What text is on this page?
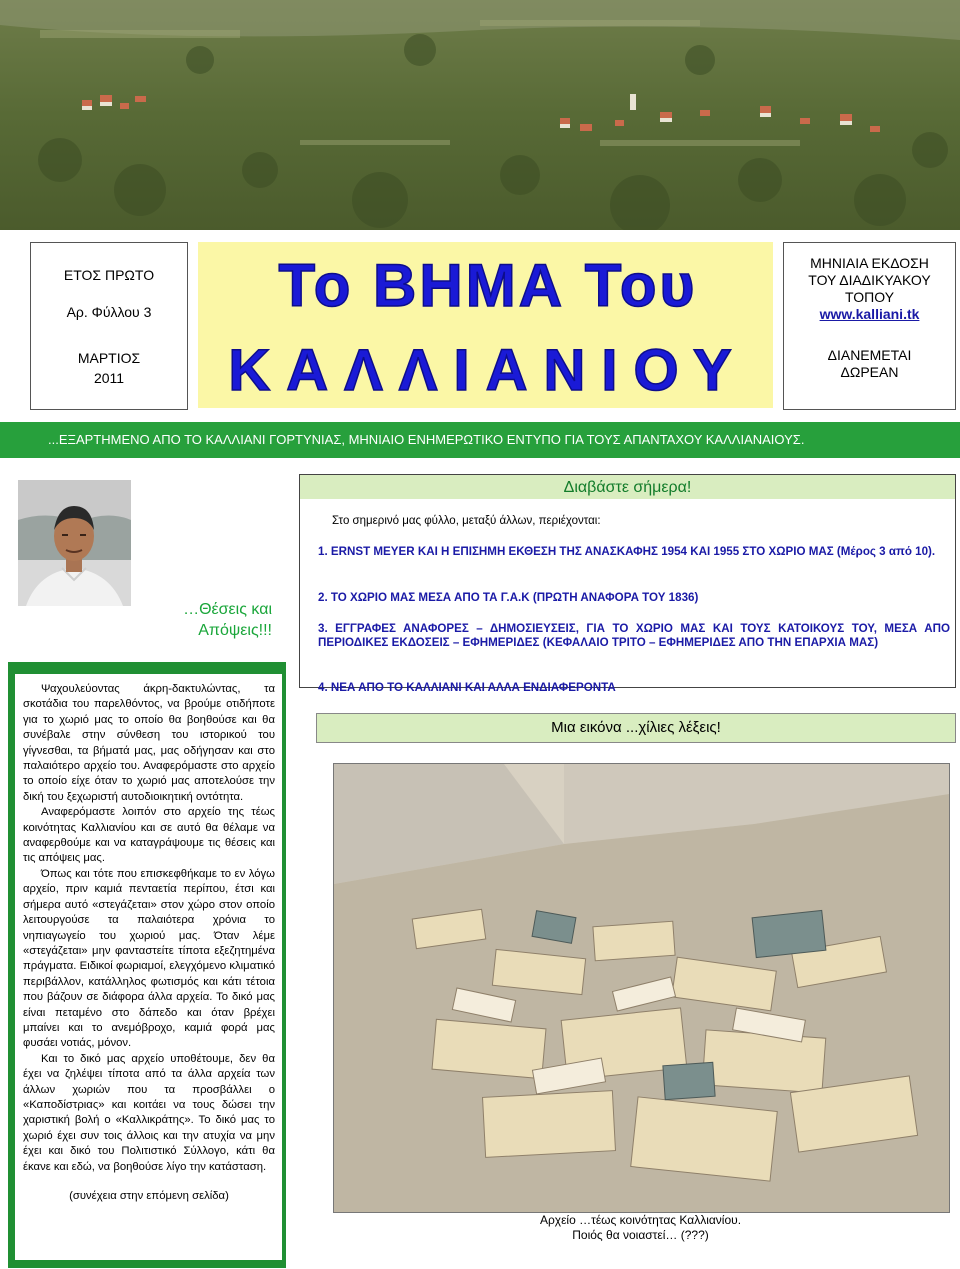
ΕΤΟΣ ΠΡΩΤΟ
Αρ. Φύλλου 3
ΜΑΡΤΙΟΣ
2011
Το ΒΗΜΑ Του
ΚΑΛΛΙΑΝΙΟΥ
ΜΗΝΙΑΙΑ ΕΚΔΟΣΗ
ΤΟΥ ΔΙΑΔΙΚΥΑΚΟΥ
ΤΟΠΟΥ
www.kalliani.tk
ΔΙΑΝΕΜΕΤΑΙ
ΔΩΡΕΑΝ
...ΕΞΑΡΤΗΜΕΝΟ ΑΠΟ ΤΟ ΚΑΛΛΙΑΝΙ ΓΟΡΤΥΝΙΑΣ, ΜΗΝΙΑΙΟ ΕΝΗΜΕΡΩΤΙΚΟ ΕΝΤΥΠΟ ΓΙΑ ΤΟΥΣ ΑΠΑΝΤΑΧΟΥ ΚΑΛΛΙΑΝΑΙΟΥΣ.
…Θέσεις και
Απόψεις!!!

Ψαχουλεύοντας άκρη-δακτυλώντας, τα σκοτάδια του παρελθόντος, να βρούμε οτιδήποτε για το χωριό μας το οποίο θα βοηθούσε και θα συνέβαλε στην σύνθεση του ιστορικού του γίγνεσθαι, τα βήματά μας, μας οδήγησαν και στο παλαιότερο αρχείο του. Αναφερόμαστε στο αρχείο το οποίο είχε όταν το χωριό μας αποτελούσε την δική του ξεχωριστή αυτοδιοικητική οντότητα.

Αναφερόμαστε λοιπόν στο αρχείο της τέως κοινότητας Καλλιανίου και σε αυτό θα θέλαμε να αναφερθούμε και να καταγράψουμε τις θέσεις και τις απόψεις μας.

Όπως και τότε που επισκεφθήκαμε το εν λόγω αρχείο, πριν καμιά πενταετία περίπου, έτσι και σήμερα αυτό «στεγάζεται» στον χώρο στον οποίο λειτουργούσε τα παλαιότερα χρόνια το νηπιαγωγείο του χωριού μας. Όταν λέμε «στεγάζεται» μην φανταστείτε τίποτα εξεζητημένα πράγματα. Ειδικοί φωριαμοί, ελεγχόμενο κλιματικό περιβάλλον, κατάλληλος φωτισμός και κάτι τέτοια που βάζουν σε διάφορα άλλα αρχεία. Το δικό μας είναι πεταμένο στο δάπεδο και όταν βρέχει μπαίνει και το ανεμόβροχο, καμιά φορά μας φυσάει νοτιάς, μόνον.

Και το δικό μας αρχείο υποθέτουμε, δεν θα έχει να ζηλέψει τίποτα από τα άλλα αρχεία των άλλων χωριών που τα προσβάλλει ο «Καποδίστριας» και κοιτάει να τους δώσει την χαριστική βολή ο «Καλλικράτης». Το δικό μας το χωριό έχει συν τοις άλλοις και την ατυχία να μην έχει και δικό του Πολιτιστικό Σύλλογο, κάτι θα έκανε και εδώ, να βοηθούσε λίγο την κατάσταση.

(συνέχεια στην επόμενη σελίδα)

Διαβάστε σήμερα!
Στο σημερινό μας φύλλο, μεταξύ άλλων, περιέχονται:
1. ERNST MEYER ΚΑΙ Η ΕΠΙΣΗΜΗ ΕΚΘΕΣΗ ΤΗΣ ΑΝΑΣΚΑΦΗΣ 1954 ΚΑΙ 1955 ΣΤΟ ΧΩΡΙΟ ΜΑΣ (Μέρος 3 από 10).
2. ΤΟ ΧΩΡΙΟ ΜΑΣ ΜΕΣΑ ΑΠΟ ΤΑ Γ.Α.Κ (ΠΡΩΤΗ ΑΝΑΦΟΡΑ ΤΟΥ 1836)
3. ΕΓΓΡΑΦΕΣ ΑΝΑΦΟΡΕΣ – ΔΗΜΟΣΙΕΥΣΕΙΣ, ΓΙΑ ΤΟ ΧΩΡΙΟ ΜΑΣ ΚΑΙ ΤΟΥΣ ΚΑΤΟΙΚΟΥΣ ΤΟΥ, ΜΕΣΑ ΑΠΟ ΠΕΡΙΟΔΙΚΕΣ ΕΚΔΟΣΕΙΣ – ΕΦΗΜΕΡΙΔΕΣ (ΚΕΦΑΛΑΙΟ ΤΡΙΤΟ – ΕΦΗΜΕΡΙΔΕΣ ΑΠΟ ΤΗΝ ΕΠΑΡΧΙΑ ΜΑΣ)
4. ΝΕΑ ΑΠΟ ΤΟ ΚΑΛΛΙΑΝΙ ΚΑΙ ΑΛΛΑ ΕΝΔΙΑΦΕΡΟΝΤΑ
Μια εικόνα ...χίλιες λέξεις!
Αρχείο …τέως κοινότητας Καλλιανίου.
Ποιός θα νοιαστεί… (???)
